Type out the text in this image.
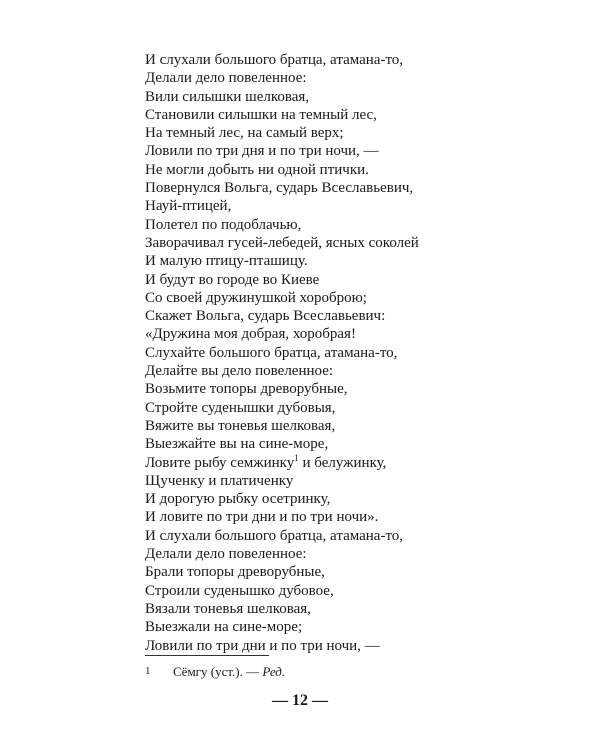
И слухали большого братца, атамана-то,
Делали дело повеленное:
Вили силышки шелковая,
Становили силышки на темный лес,
На темный лес, на самый верх;
Ловили по три дня и по три ночи, —
Не могли добыть ни одной птички.
Повернулся Вольга, сударь Всеславьевич,
Науй-птицей,
Полетел по подоблачью,
Заворачивал гусей-лебедей, ясных соколей
И малую птицу-пташицу.
И будут во городе во Киеве
Со своей дружинушкой хороброю;
Скажет Вольга, сударь Всеславьевич:
«Дружина моя добрая, хоробрая!
Слухайте большого братца, атамана-то,
Делайте вы дело повеленное:
Возьмите топоры древорубные,
Стройте суденышки дубовыя,
Вяжите вы тоневья шелковая,
Выезжайте вы на сине-море,
Ловите рыбу семжинку$^1$ и белужинку,
Щученку и платиченку
И дорогую рыбку осетринку,
И ловите по три дни и по три ночи».
И слухали большого братца, атамана-то,
Делали дело повеленное:
Брали топоры древорубные,
Строили суденышко дубовое,
Вязали тоневья шелковая,
Выезжали на сине-море;
Ловили по три дни и по три ночи, —
1 Сёмгу (уст.). — Ред.
— 12 —
